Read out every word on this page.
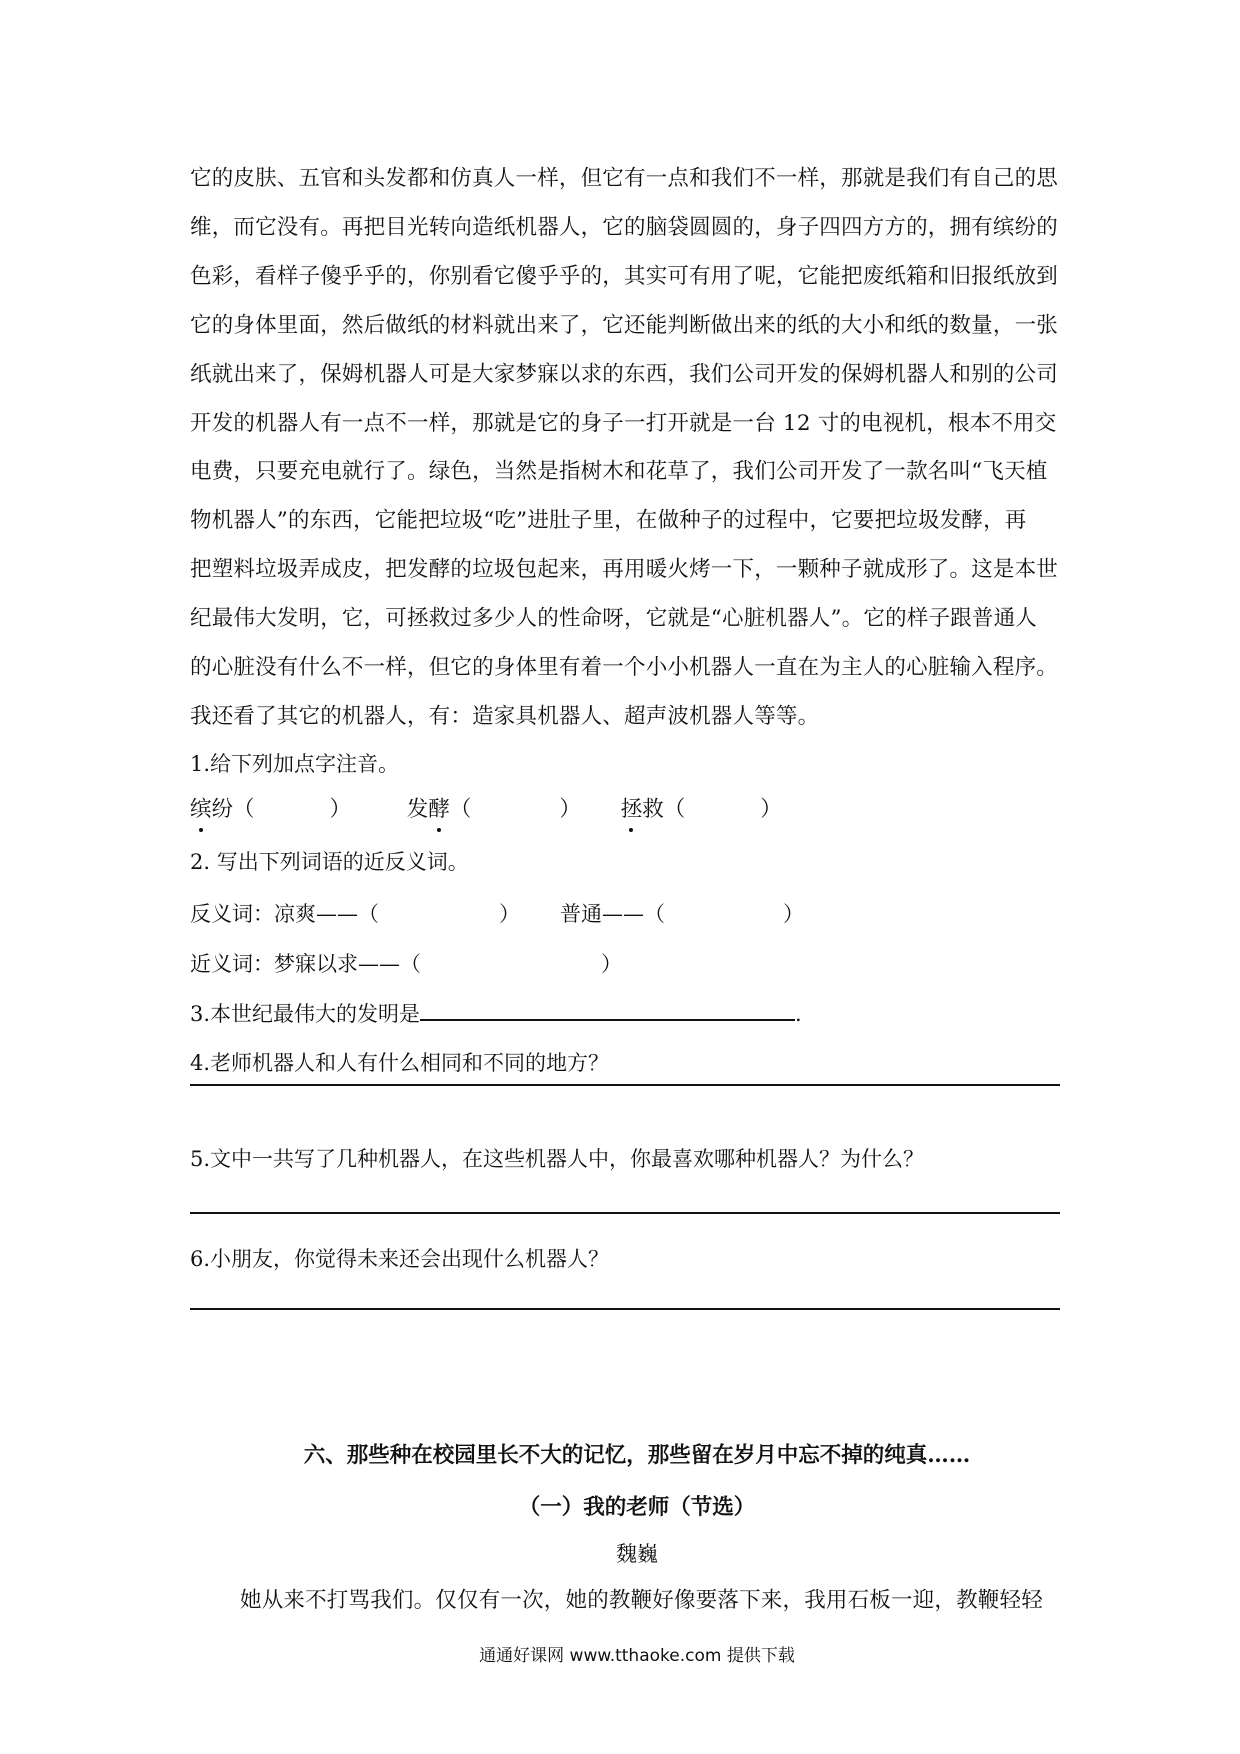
它的皮肤、五官和头发都和仿真人一样，但它有一点和我们不一样，那就是我们有自己的思
维，而它没有。再把目光转向造纸机器人，它的脑袋圆圆的，身子四四方方的，拥有缤纷的
色彩，看样子傻乎乎的，你别看它傻乎乎的，其实可有用了呢，它能把废纸箱和旧报纸放到
它的身体里面，然后做纸的材料就出来了，它还能判断做出来的纸的大小和纸的数量，一张
纸就出来了，保姆机器人可是大家梦寐以求的东西，我们公司开发的保姆机器人和别的公司
开发的机器人有一点不一样，那就是它的身子一打开就是一台 12 寸的电视机，根本不用交
电费，只要充电就行了。绿色，当然是指树木和花草了，我们公司开发了一款名叫“飞天植
物机器人”的东西，它能把垃圾“吃”进肚子里，在做种子的过程中，它要把垃圾发酵，再
把塑料垃圾弄成皮，把发酵的垃圾包起来，再用暖火烤一下，一颗种子就成形了。这是本世
纪最伟大发明，它，可拯救过多少人的性命呀，它就是“心脏机器人”。它的样子跟普通人
的心脏没有什么不一样，但它的身体里有着一个小小机器人一直在为主人的心脏输入程序。
我还看了其它的机器人，有：造家具机器人、超声波机器人等等。
1.给下列加点字注音。
缤纷（	）	发酵（	） 拯救（	）
2. 写出下列词语的近反义词。
反义词：凉爽——（	） 普通——（	）
近义词：梦寐以求——（	）
3.本世纪最伟大的发明是	.
4.老师机器人和人有什么相同和不同的地方？
5.文中一共写了几种机器人，在这些机器人中，你最喜欢哪种机器人？为什么？
6.小朋友，你觉得未来还会出现什么机器人？
六、那些种在校园里长不大的记忆，那些留在岁月中忘不掉的纯真……
（一）我的老师（节选）
魏巍
她从来不打骂我们。仅仅有一次，她的教鞭好像要落下来，我用石板一迎，教鞭轻轻
通通好课网 www.tthaoke.com 提供下载
